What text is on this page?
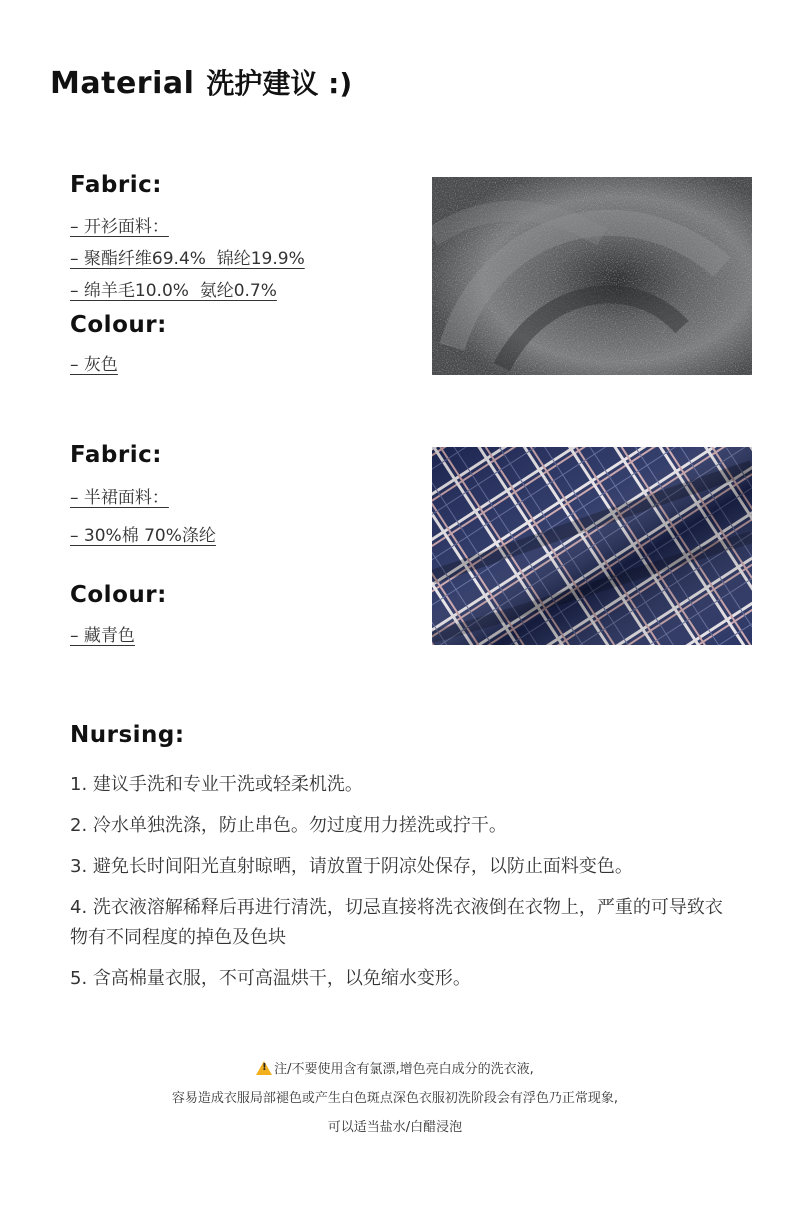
Material 洗护建议 :)

Fabric:

– 开衫面料：
– 聚酯纤维69.4%  锦纶19.9%
– 绵羊毛10.0%  氨纶0.7%

Colour:

– 灰色

Fabric:

– 半裙面料：
– 30%棉 70%涤纶

Colour:

– 藏青色

Nursing:

1. 建议手洗和专业干洗或轻柔机洗。
2. 冷水单独洗涤，防止串色。勿过度用力搓洗或拧干。
3. 避免长时间阳光直射晾晒，请放置于阴凉处保存，以防止面料变色。
4. 洗衣液溶解稀释后再进行清洗，切忌直接将洗衣液倒在衣物上，严重的可导致衣物有不同程度的掉色及色块
5. 含高棉量衣服，不可高温烘干，以免缩水变形。
!注/不要使用含有氯漂,增色亮白成分的洗衣液,
容易造成衣服局部褪色或产生白色斑点深色衣服初洗阶段会有浮色乃正常现象,
可以适当盐水/白醋浸泡
